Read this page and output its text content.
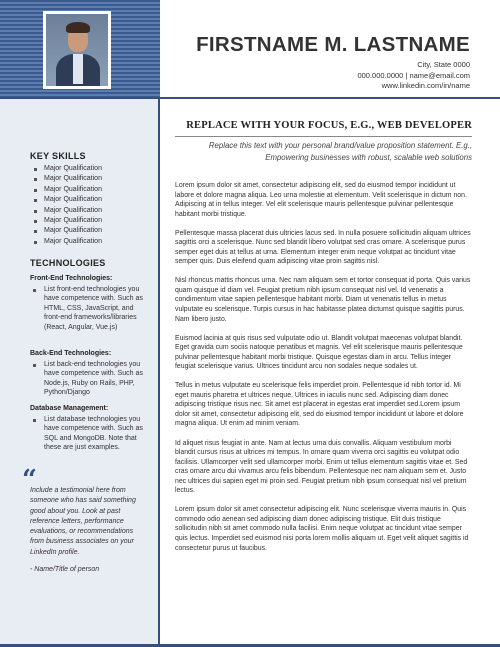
FIRSTNAME M. LASTNAME
City, State 0000
000.000.0000 | name@email.com
www.linkedin.com/in/name
KEY SKILLS
Major Qualification
Major Qualification
Major Qualification
Major Qualification
Major Qualification
Major Qualification
Major Qualification
Major Qualification
TECHNOLOGIES
Front-End Technologies:
List front-end technologies you have competence with. Such as HTML, CSS, JavaScript, and front-end frameworks/libraries (React, Angular, Vue.js)
Back-End Technologies:
List back-end technologies you have competence with. Such as Node.js, Ruby on Rails, PHP, Python/Django
Database Management:
List database technologies you have competence with. Such as SQL and MongoDB. Note that these are just examples.
“
Include a testimonial here from someone who has said something good about you. Look at past reference letters, performance evaluations, or recommendations from business associates on your LinkedIn profile.
- Name/Title of person
REPLACE WITH YOUR FOCUS, E.G., WEB DEVELOPER
Replace this text with your personal brand/value proposition statement. E.g., Empowering businesses with robust, scalable web solutions

Lorem ipsum dolor sit amet, consectetur adipiscing elit, sed do eiusmod tempor incididunt ut labore et dolore magna aliqua. Leo urna molestie at elementum. Velit scelerisque in dictum non. Adipiscing at in tellus integer. Vel elit scelerisque mauris pellentesque pulvinar pellentesque habitant morbi tristique.

Pellentesque massa placerat duis ultricies lacus sed. In nulla posuere sollicitudin aliquam ultrices sagittis orci a scelerisque. Nunc sed blandit libero volutpat sed cras ornare. A scelerisque purus semper eget duis at tellus at urna. Elementum integer enim neque volutpat ac tincidunt vitae semper quis. Duis eleifend quam adipiscing vitae proin sagittis nisl.

Nisl rhoncus mattis rhoncus urna. Nec nam aliquam sem et tortor consequat id porta. Quis varius quam quisque id diam vel. Feugiat pretium nibh ipsum consequat nisl vel. Id venenatis a condimentum vitae sapien pellentesque habitant morbi. Diam ut venenatis tellus in metus vulputate eu scelerisque. Turpis cursus in hac habitasse platea dictumst quisque sagittis purus. Nam libero justo.

Euismod lacinia at quis risus sed vulputate odio ut. Blandit volutpat maecenas volutpat blandit. Eget gravida cum sociis natoque penatibus et magnis. Vel elit scelerisque mauris pellentesque pulvinar pellentesque habitant morbi tristique. Quisque egestas diam in arcu. Tellus integer feugiat scelerisque varius. Ultrices tincidunt arcu non sodales neque sodales ut.

Tellus in metus vulputate eu scelerisque felis imperdiet proin. Pellentesque id nibh tortor id. Mi eget mauris pharetra et ultrices neque. Ultrices in iaculis nunc sed. Adipiscing diam donec adipiscing tristique risus nec. Sit amet est placerat in egestas erat imperdiet sed.Lorem ipsum dolor sit amet, consectetur adipiscing elit, sed do eiusmod tempor incididunt ut labore et dolore magna aliqua. Ut enim ad minim veniam.

Id aliquet risus feugiat in ante. Nam at lectus urna duis convallis. Aliquam vestibulum morbi blandit cursus risus at ultrices mi tempus. In ornare quam viverra orci sagittis eu volutpat odio facilisis. Ullamcorper velit sed ullamcorper morbi. Enim ut tellus elementum sagittis vitae et. Sed cras ornare arcu dui vivamus arcu felis bibendum. Pellentesque nec nam aliquam sem et. Justo nec ultrices dui sapien eget mi proin sed. Feugiat pretium nibh ipsum consequat nisl vel pretium lectus.

Lorem ipsum dolor sit amet consectetur adipiscing elit. Nunc scelerisque viverra mauris in. Quis commodo odio aenean sed adipiscing diam donec adipiscing tristique. Elit duis tristique sollicitudin nibh sit amet commodo nulla facilisi. Enim neque volutpat ac tincidunt vitae semper quis lectus. Imperdiet sed euismod nisi porta lorem mollis aliquam ut. Eget velit aliquet sagittis id consectetur purus ut faucibus.
